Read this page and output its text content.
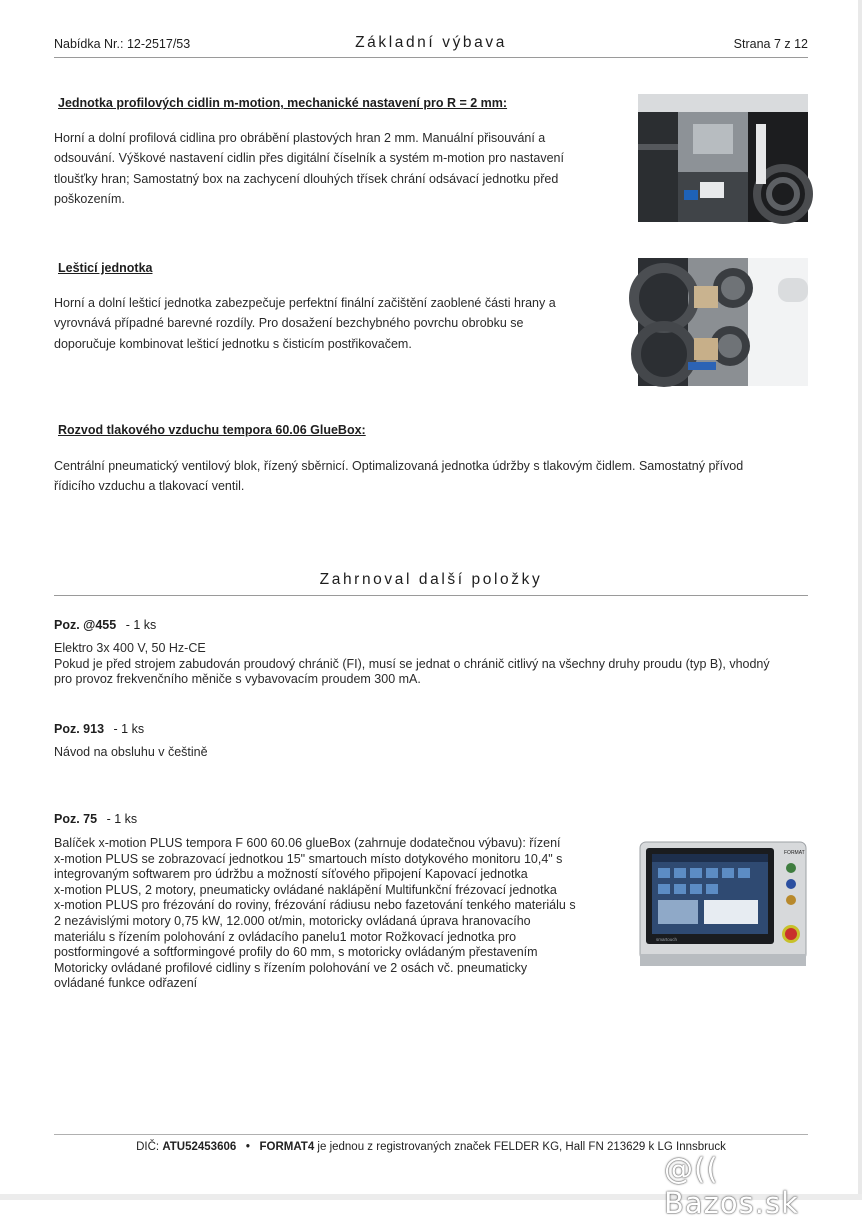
Nabídka Nr.: 12-2517/53	Základní výbava	Strana 7 z 12
Jednotka profilových cidlin m-motion, mechanické nastavení pro R = 2 mm:
Horní a dolní profilová cidlina pro obrábění plastových hran 2 mm. Manuální přisouvání a
odsouvání. Výškové nastavení cidlin přes digitální číselník a systém m-motion pro nastavení
tloušťky hran; Samostatný box na zachycení dlouhých třísek chrání odsávací jednotku před
poškozením.
Lešticí jednotka
Horní a dolní lešticí jednotka zabezpečuje perfektní finální začištění zaoblené části hrany a
vyrovnává případné barevné rozdíly. Pro dosažení bezchybného povrchu obrobku se
doporučuje kombinovat lešticí jednotku s čisticím postřikovačem.
Rozvod tlakového vzduchu tempora 60.06 GlueBox:
Centrální pneumatický ventilový blok, řízený sběrnicí. Optimalizovaná jednotka údržby s tlakovým čidlem. Samostatný přívod
řídicího vzduchu a tlakovací ventil.
Zahrnoval další položky
Poz. @455 - 1 ks
Elektro 3x 400 V, 50 Hz-CE
Pokud je před strojem zabudován proudový chránič (FI), musí se jednat o chránič citlivý na všechny druhy proudu (typ B), vhodný
pro provoz frekvenčního měniče s vybavovacím proudem 300 mA.
Poz. 913 - 1 ks
Návod na obsluhu v češtině
Poz. 75 - 1 ks
Balíček x-motion PLUS tempora F 600 60.06 glueBox (zahrnuje dodatečnou výbavu): řízení
x-motion PLUS se zobrazovací jednotkou 15" smartouch místo dotykového monitoru 10,4" s
integrovaným softwarem pro údržbu a možností síťového připojení Kapovací jednotka
x-motion PLUS, 2 motory, pneumaticky ovládané naklápění Multifunkční frézovací jednotka
x-motion PLUS pro frézování do roviny, frézování rádiusu nebo fazetování tenkého materiálu s
2 nezávislými motory 0,75 kW, 12.000 ot/min, motoricky ovládaná úprava hranovacího
materiálu s řízením polohování z ovládacího panelu1 motor Rožkovací jednotka pro
postformingové a softformingové profily do 60 mm, s motoricky ovládaným přestavením
Motoricky ovládané profilové cidliny s řízením polohování ve 2 osách vč. pneumaticky
ovládané funkce odřazení
FORMAT
smartouch
DIČ: ATU52453606 • FORMAT4 je jednou z registrovaných značek FELDER KG, Hall FN 213629 k LG Innsbruck
@(( Bazos.sk
